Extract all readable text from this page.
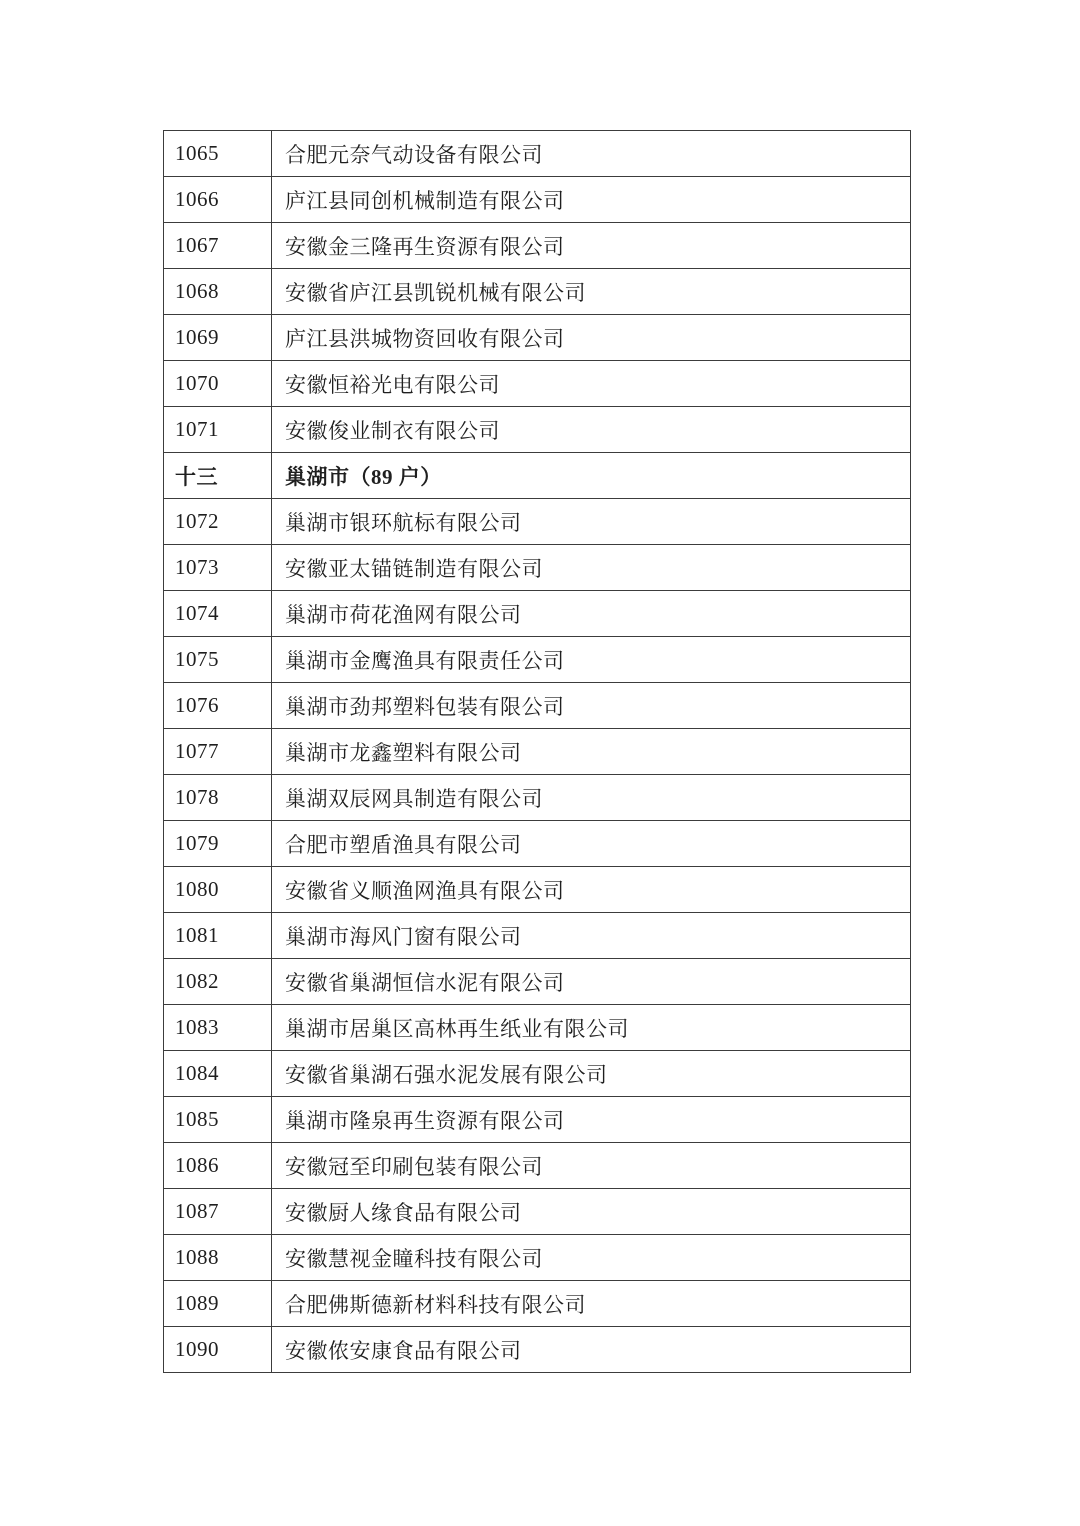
1065	合肥元奈气动设备有限公司
1066	庐江县同创机械制造有限公司
1067	安徽金三隆再生资源有限公司
1068	安徽省庐江县凯锐机械有限公司
1069	庐江县洪城物资回收有限公司
1070	安徽恒裕光电有限公司
1071	安徽俊业制衣有限公司
十三	巢湖市（89 户）
1072	巢湖市银环航标有限公司
1073	安徽亚太锚链制造有限公司
1074	巢湖市荷花渔网有限公司
1075	巢湖市金鹰渔具有限责任公司
1076	巢湖市劲邦塑料包装有限公司
1077	巢湖市龙鑫塑料有限公司
1078	巢湖双辰网具制造有限公司
1079	合肥市塑盾渔具有限公司
1080	安徽省义顺渔网渔具有限公司
1081	巢湖市海风门窗有限公司
1082	安徽省巢湖恒信水泥有限公司
1083	巢湖市居巢区高林再生纸业有限公司
1084	安徽省巢湖石强水泥发展有限公司
1085	巢湖市隆泉再生资源有限公司
1086	安徽冠至印刷包装有限公司
1087	安徽厨人缘食品有限公司
1088	安徽慧视金瞳科技有限公司
1089	合肥佛斯德新材料科技有限公司
1090	安徽侬安康食品有限公司
